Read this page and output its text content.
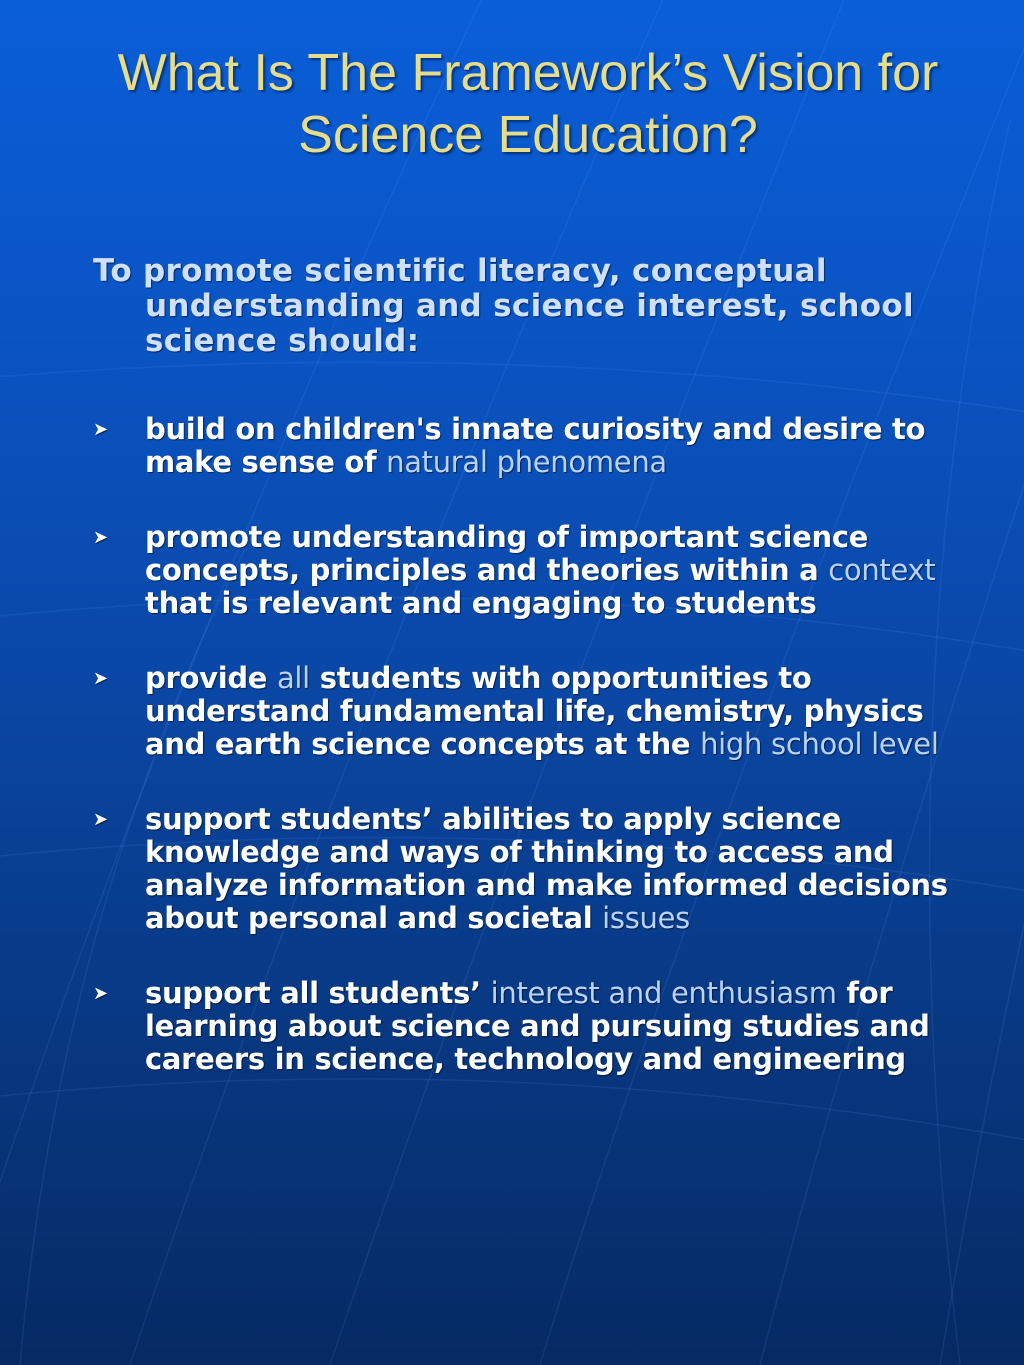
What Is The Framework’s Vision for
Science Education?

To promote scientific literacy, conceptual understanding and science interest, school science should:

➤ build on children's innate curiosity and desire to make sense of natural phenomena
➤ promote understanding of important science concepts, principles and theories within a context that is relevant and engaging to students
➤ provide all students with opportunities to understand fundamental life, chemistry, physics and earth science concepts at the high school level
➤ support students’ abilities to apply science knowledge and ways of thinking to access and analyze information and make informed decisions about personal and societal issues
➤ support all students’ interest and enthusiasm for learning about science and pursuing studies and careers in science, technology and engineering
